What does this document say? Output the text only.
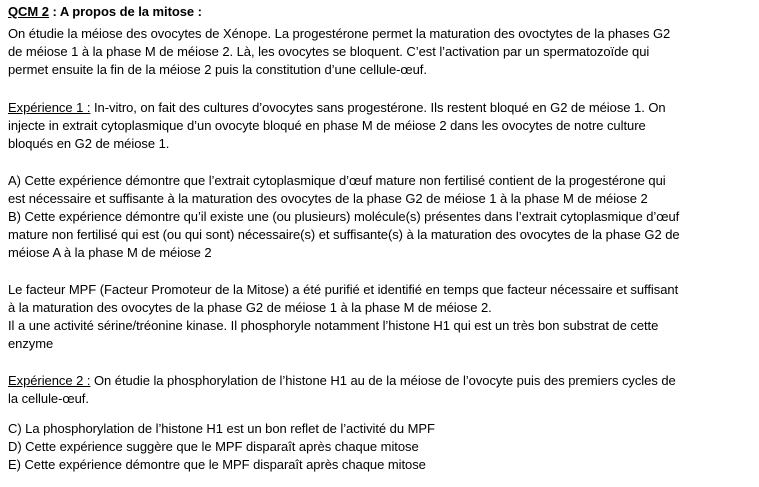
QCM 2 : A propos de la mitose :
On étudie la méiose des ovocytes de Xénope. La progestérone permet la maturation des ovoctytes de la phases G2
de méiose 1 à la phase M de méiose 2. Là, les ovocytes se bloquent. C’est l’activation par un spermatozoïde qui
permet ensuite la fin de la méiose 2 puis la constitution d’une cellule-œuf.
Expérience 1 : In-vitro, on fait des cultures d’ovocytes sans progestérone. Ils restent bloqué en G2 de méiose 1. On
injecte in extrait cytoplasmique d’un ovocyte bloqué en phase M de méiose 2 dans les ovocytes de notre culture
bloqués en G2 de méiose 1.
A) Cette expérience démontre que l’extrait cytoplasmique d’œuf mature non fertilisé contient de la progestérone qui
est nécessaire et suffisante à la maturation des ovocytes de la phase G2 de méiose 1 à la phase M de méiose 2
B) Cette expérience démontre qu’il existe une (ou plusieurs) molécule(s) présentes dans l’extrait cytoplasmique d’œuf
mature non fertilisé qui est (ou qui sont) nécessaire(s) et suffisante(s) à la maturation des ovocytes de la phase G2 de
méiose A à la phase M de méiose 2
Le facteur MPF (Facteur Promoteur de la Mitose) a été purifié et identifié en temps que facteur nécessaire et suffisant
à la maturation des ovocytes de la phase G2 de méiose 1 à la phase M de méiose 2.
Il a une activité sérine/tréonine kinase. Il phosphoryle notamment l’histone H1 qui est un très bon substrat de cette
enzyme
Expérience 2 : On étudie la phosphorylation de l’histone H1 au de la méiose de l’ovocyte puis des premiers cycles de
la cellule-œuf.
C) La phosphorylation de l’histone H1 est un bon reflet de l’activité du MPF
D) Cette expérience suggère que le MPF disparaît après chaque mitose
E) Cette expérience démontre que le MPF disparaît après chaque mitose
